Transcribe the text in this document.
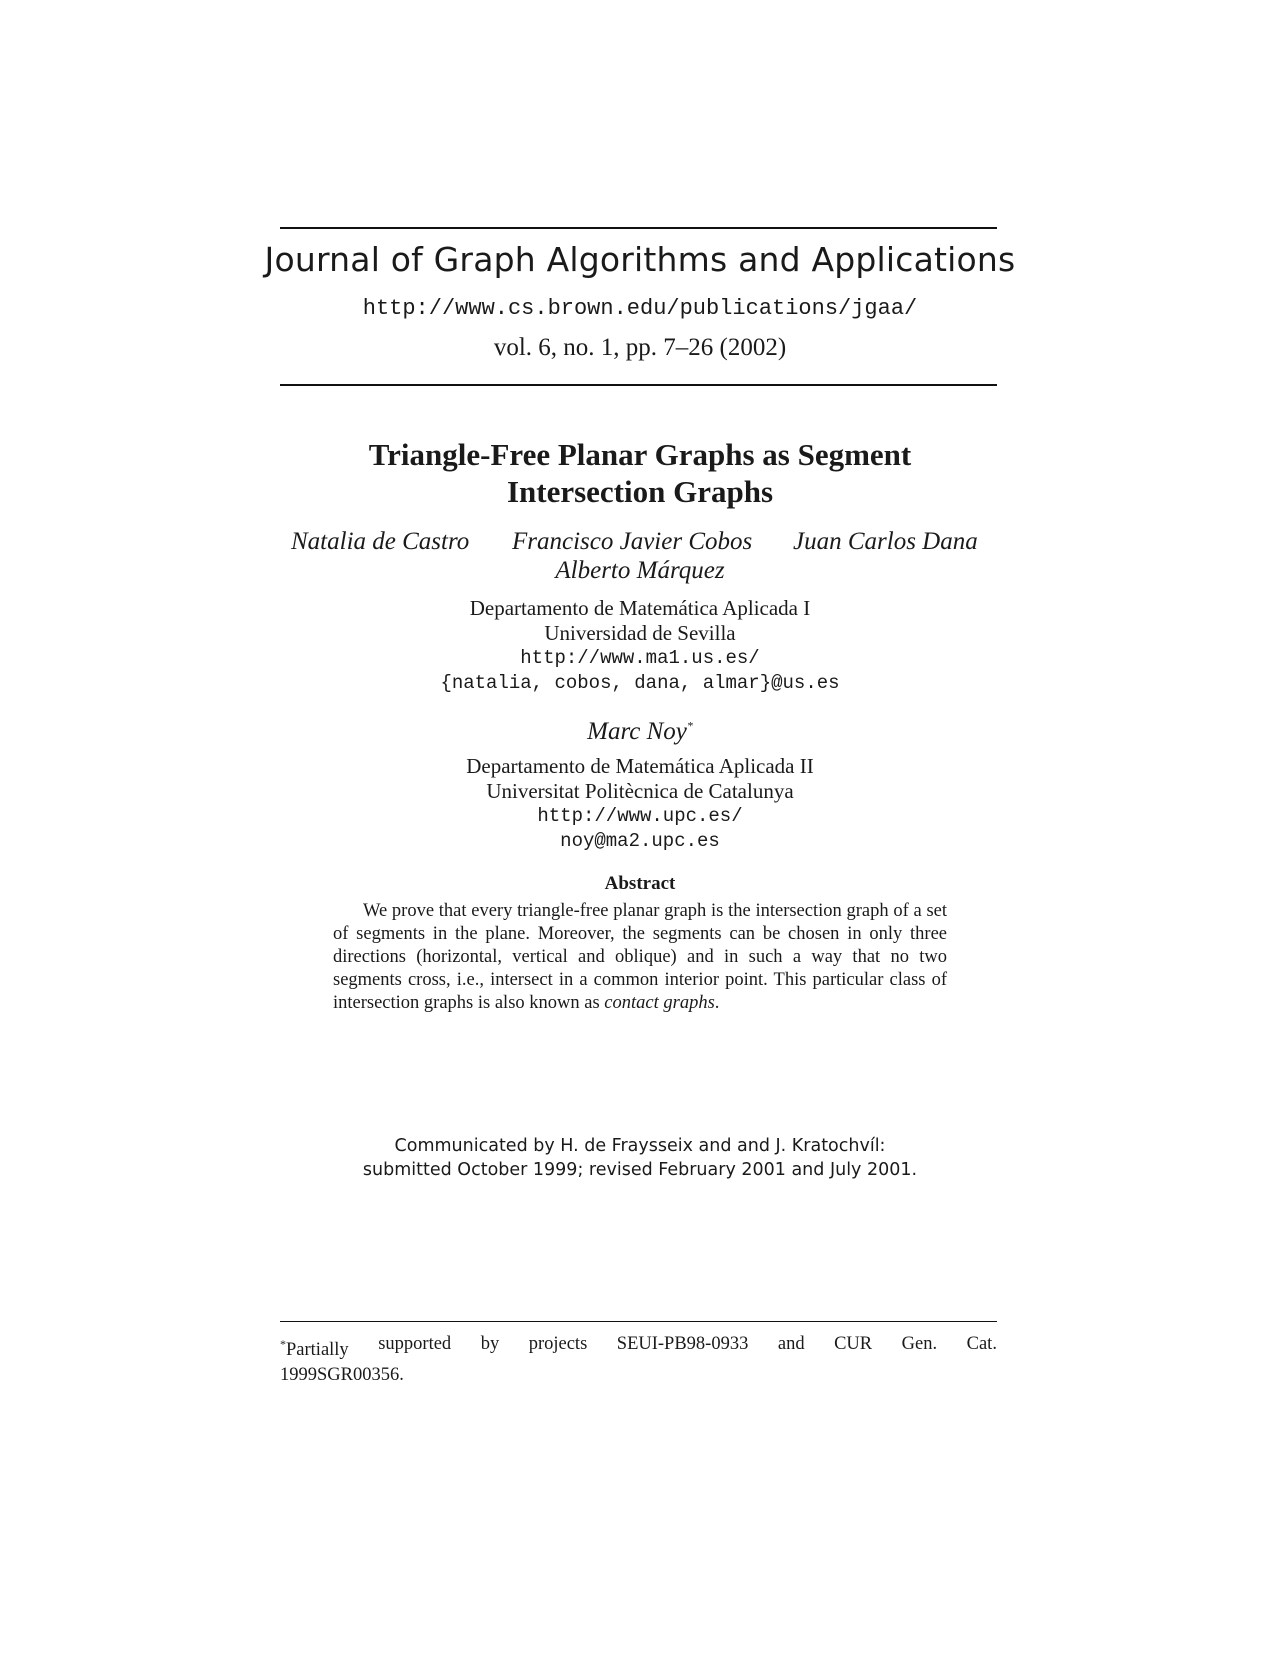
Journal of Graph Algorithms and Applications
http://www.cs.brown.edu/publications/jgaa/
vol. 6, no. 1, pp. 7–26 (2002)
Triangle-Free Planar Graphs as Segment
Intersection Graphs
Natalia de Castro Francisco Javier Cobos Juan Carlos Dana
Alberto Márquez
Departamento de Matemática Aplicada I
Universidad de Sevilla
http://www.ma1.us.es/
{natalia, cobos, dana, almar}@us.es
Marc Noy*
Departamento de Matemática Aplicada II
Universitat Politècnica de Catalunya
http://www.upc.es/
noy@ma2.upc.es
Abstract
We prove that every triangle-free planar graph is the intersection graph of a set of segments in the plane. Moreover, the segments can be chosen in only three directions (horizontal, vertical and oblique) and in such a way that no two segments cross, i.e., intersect in a common interior point. This particular class of intersection graphs is also known as contact graphs.
Communicated by H. de Fraysseix and and J. Kratochvíl:
submitted October 1999; revised February 2001 and July 2001.
*Partially supported by projects SEUI-PB98-0933 and CUR Gen. Cat.
1999SGR00356.
